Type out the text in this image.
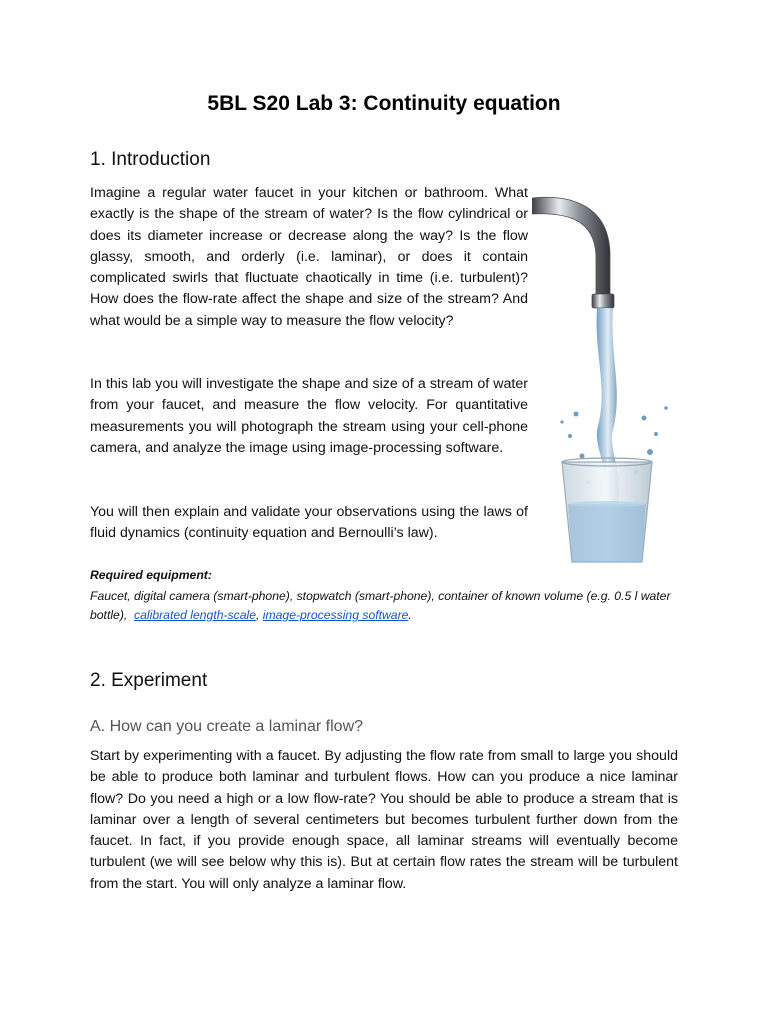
5BL S20 Lab 3: Continuity equation
1. Introduction
Imagine a regular water faucet in your kitchen or bathroom. What exactly is the shape of the stream of water? Is the flow cylindrical or does its diameter increase or decrease along the way? Is the flow glassy, smooth, and orderly (i.e. laminar), or does it contain complicated swirls that fluctuate chaotically in time (i.e. turbulent)? How does the flow-rate affect the shape and size of the stream? And what would be a simple way to measure the flow velocity?
In this lab you will investigate the shape and size of a stream of water from your faucet, and measure the flow velocity. For quantitative measurements you will photograph the stream using your cell-phone camera, and analyze the image using image-processing software.
You will then explain and validate your observations using the laws of fluid dynamics (continuity equation and Bernoulli’s law).
Required equipment:
Faucet, digital camera (smart-phone), stopwatch (smart-phone), container of known volume (e.g. 0.5 l water bottle), calibrated length-scale, image-processing software.
2. Experiment
A. How can you create a laminar flow?
Start by experimenting with a faucet. By adjusting the flow rate from small to large you should be able to produce both laminar and turbulent flows. How can you produce a nice laminar flow? Do you need a high or a low flow-rate? You should be able to produce a stream that is laminar over a length of several centimeters but becomes turbulent further down from the faucet. In fact, if you provide enough space, all laminar streams will eventually become turbulent (we will see below why this is). But at certain flow rates the stream will be turbulent from the start. You will only analyze a laminar flow.
